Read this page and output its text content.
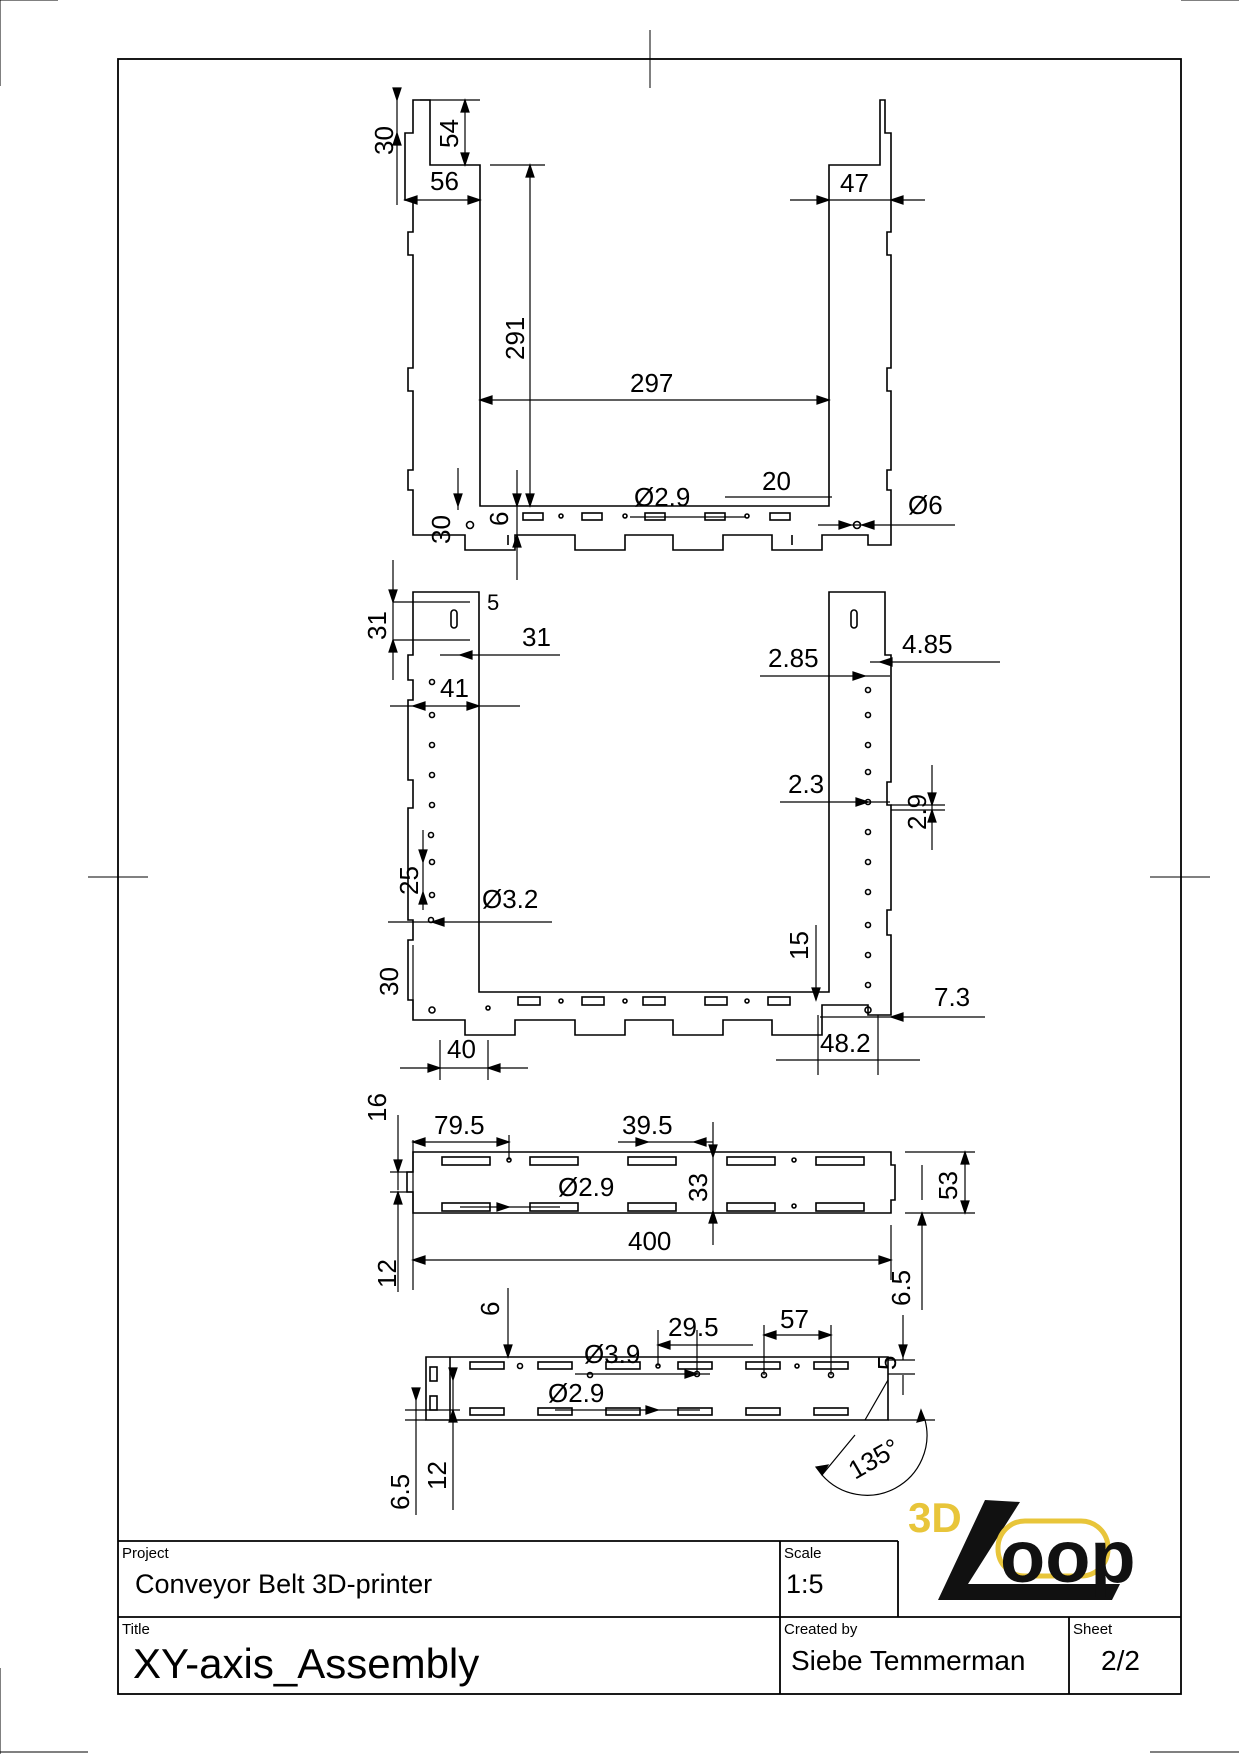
30 54
56	47
291
297
Ø2.9
20
Ø6
30 6
5
31	31
41
2.85	4.85
2.3
2.9
25
Ø3.2
30
15
7.3
48.2
40
16
79.5	39.5
33	53
Ø2.9
400
12	6.5
6
29.5 57
Ø3.9
Ø2.9
5
135°
6.5 12
3D oop
Project
Conveyor Belt 3D-printer
Scale
1:5
Title
XY-axis_Assembly
Created by
Siebe Temmerman
Sheet
2/2
